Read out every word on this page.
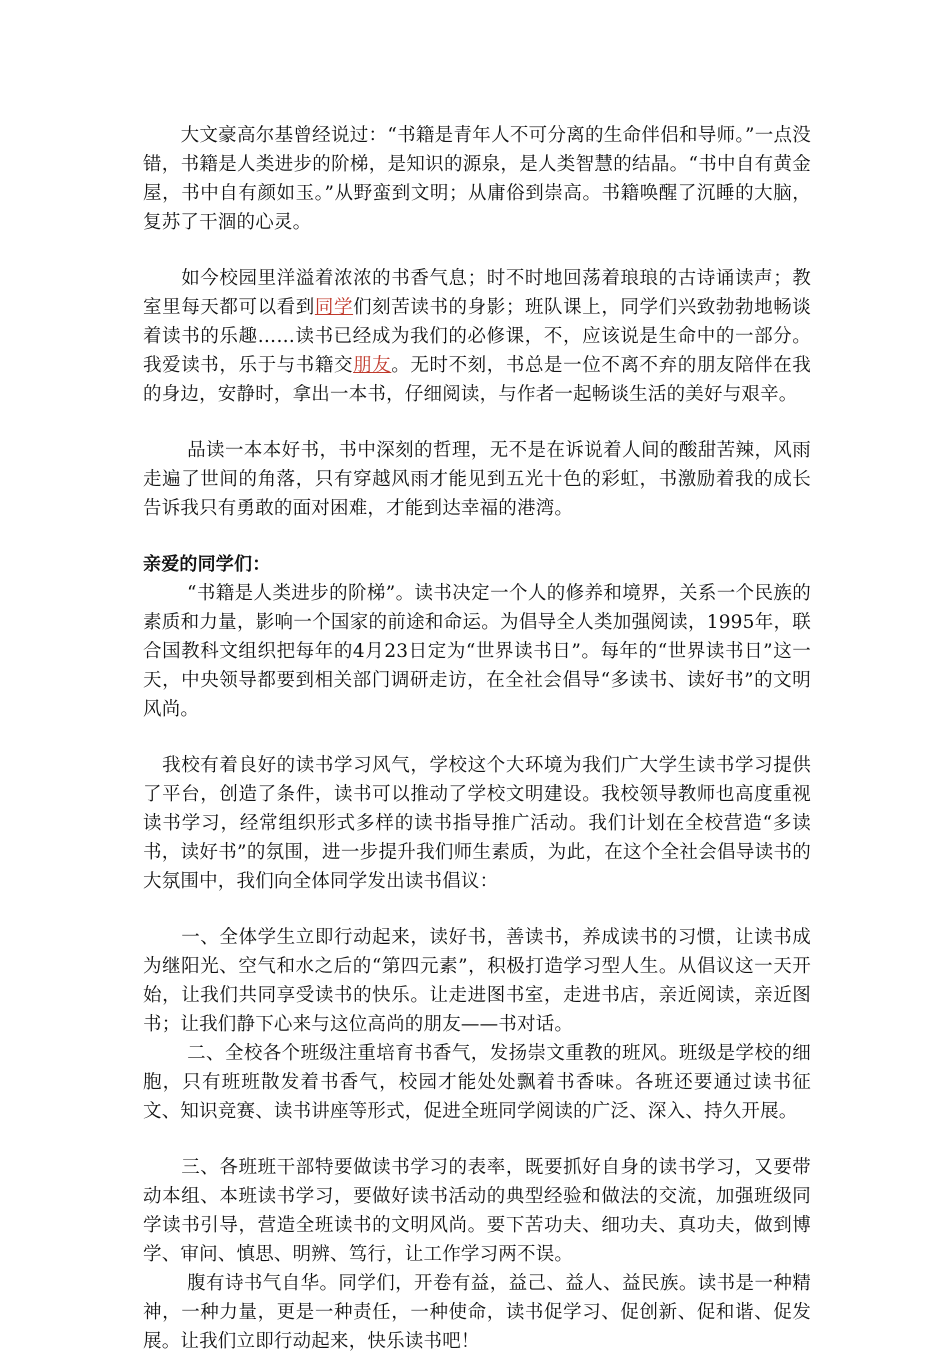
　　大文豪高尔基曾经说过：“书籍是青年人不可分离的生命伴侣和导师。”一点没错，书籍是人类进步的阶梯，是知识的源泉，是人类智慧的结晶。“书中自有黄金屋，书中自有颜如玉。”从野蛮到文明；从庸俗到崇高。书籍唤醒了沉睡的大脑，复苏了干涸的心灵。

　　如今校园里洋溢着浓浓的书香气息；时不时地回荡着琅琅的古诗诵读声；教室里每天都可以看到同学们刻苦读书的身影；班队课上，同学们兴致勃勃地畅谈着读书的乐趣……读书已经成为我们的必修课，不，应该说是生命中的一部分。我爱读书，乐于与书籍交朋友。无时不刻，书总是一位不离不弃的朋友陪伴在我的身边，安静时，拿出一本书，仔细阅读，与作者一起畅谈生活的美好与艰辛。

　　 品读一本本好书，书中深刻的哲理，无不是在诉说着人间的酸甜苦辣，风雨走遍了世间的角落，只有穿越风雨才能见到五光十色的彩虹，书激励着我的成长告诉我只有勇敢的面对困难，才能到达幸福的港湾。

亲爱的同学们：

　　 “书籍是人类进步的阶梯”。读书决定一个人的修养和境界，关系一个民族的素质和力量，影响一个国家的前途和命运。为倡导全人类加强阅读，1995年，联合国教科文组织把每年的4月23日定为“世界读书日”。每年的“世界读书日”这一天，中央领导都要到相关部门调研走访，在全社会倡导“多读书、读好书”的文明风尚。

　我校有着良好的读书学习风气，学校这个大环境为我们广大学生读书学习提供了平台，创造了条件，读书可以推动了学校文明建设。我校领导教师也高度重视读书学习，经常组织形式多样的读书指导推广活动。我们计划在全校营造“多读书，读好书”的氛围，进一步提升我们师生素质，为此，在这个全社会倡导读书的大氛围中，我们向全体同学发出读书倡议：

　　一、全体学生立即行动起来，读好书，善读书，养成读书的习惯，让读书成为继阳光、空气和水之后的“第四元素”，积极打造学习型人生。从倡议这一天开始，让我们共同享受读书的快乐。让走进图书室，走进书店，亲近阅读，亲近图书；让我们静下心来与这位高尚的朋友——书对话。

　　 二、全校各个班级注重培育书香气，发扬崇文重教的班风。班级是学校的细胞，只有班班散发着书香气，校园才能处处飘着书香味。各班还要通过读书征文、知识竞赛、读书讲座等形式，促进全班同学阅读的广泛、深入、持久开展。

　　三、各班班干部特要做读书学习的表率，既要抓好自身的读书学习，又要带动本组、本班读书学习，要做好读书活动的典型经验和做法的交流，加强班级同学读书引导，营造全班读书的文明风尚。要下苦功夫、细功夫、真功夫，做到博学、审问、慎思、明辨、笃行，让工作学习两不误。

　　 腹有诗书气自华。同学们，开卷有益，益己、益人、益民族。读书是一种精神，一种力量，更是一种责任，一种使命，读书促学习、促创新、促和谐、促发展。让我们立即行动起来，快乐读书吧！
